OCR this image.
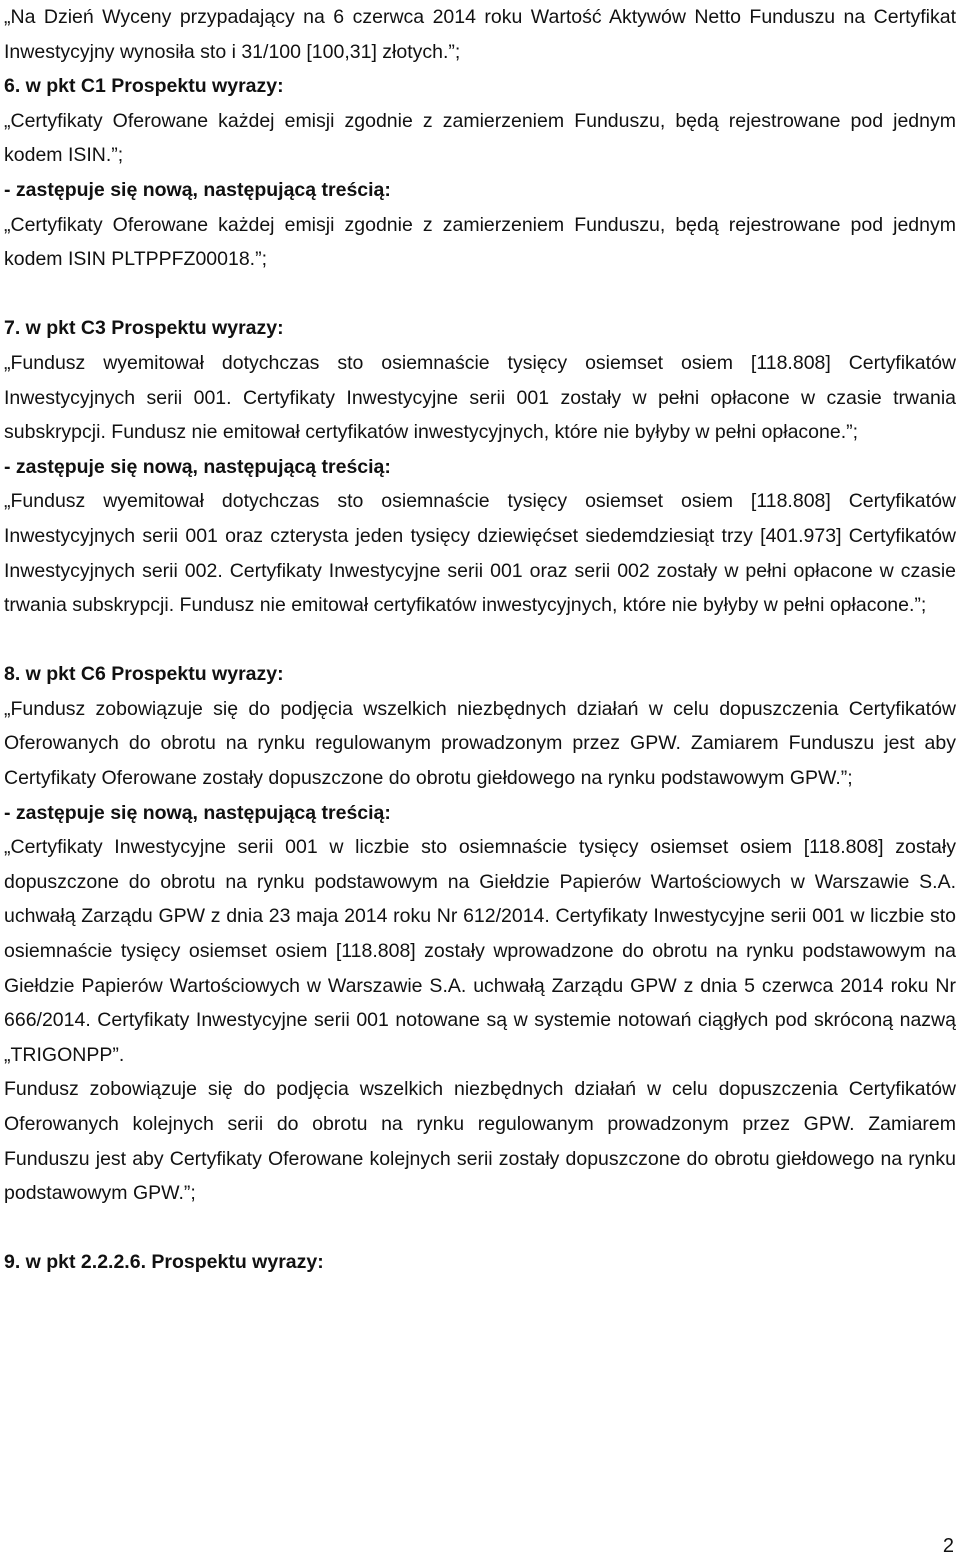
„Na Dzień Wyceny przypadający na 6 czerwca 2014 roku Wartość Aktywów Netto Funduszu na Certyfikat Inwestycyjny wynosiła sto i 31/100 [100,31] złotych.”;

6. w pkt C1 Prospektu wyrazy:

„Certyfikaty Oferowane każdej emisji zgodnie z zamierzeniem Funduszu, będą rejestrowane pod jednym kodem ISIN.”;

- zastępuje się nową, następującą treścią:

„Certyfikaty Oferowane każdej emisji zgodnie z zamierzeniem Funduszu, będą rejestrowane pod jednym kodem ISIN PLTPPFZ00018.”;

7. w pkt C3 Prospektu wyrazy:

„Fundusz wyemitował dotychczas sto osiemnaście tysięcy osiemset osiem [118.808] Certyfikatów Inwestycyjnych serii 001. Certyfikaty Inwestycyjne serii 001 zostały w pełni opłacone w czasie trwania subskrypcji. Fundusz nie emitował certyfikatów inwestycyjnych, które nie byłyby w pełni opłacone.”;

- zastępuje się nową, następującą treścią:

„Fundusz wyemitował dotychczas sto osiemnaście tysięcy osiemset osiem [118.808] Certyfikatów Inwestycyjnych serii 001 oraz czterysta jeden tysięcy dziewięćset siedemdziesiąt trzy [401.973] Certyfikatów Inwestycyjnych serii 002. Certyfikaty Inwestycyjne serii 001 oraz serii 002 zostały w pełni opłacone w czasie trwania subskrypcji. Fundusz nie emitował certyfikatów inwestycyjnych, które nie byłyby w pełni opłacone.”;

8. w pkt C6 Prospektu wyrazy:

„Fundusz zobowiązuje się do podjęcia wszelkich niezbędnych działań w celu dopuszczenia Certyfikatów Oferowanych do obrotu na rynku regulowanym prowadzonym przez GPW. Zamiarem Funduszu jest aby Certyfikaty Oferowane zostały dopuszczone do obrotu giełdowego na rynku podstawowym GPW.”;

- zastępuje się nową, następującą treścią:

„Certyfikaty Inwestycyjne serii 001 w liczbie sto osiemnaście tysięcy osiemset osiem [118.808] zostały dopuszczone do obrotu na rynku podstawowym na Giełdzie Papierów Wartościowych w Warszawie S.A. uchwałą Zarządu GPW z dnia 23 maja 2014 roku Nr 612/2014. Certyfikaty Inwestycyjne serii 001 w liczbie sto osiemnaście tysięcy osiemset osiem [118.808] zostały wprowadzone do obrotu na rynku podstawowym na Giełdzie Papierów Wartościowych w Warszawie S.A. uchwałą Zarządu GPW z dnia 5 czerwca 2014 roku Nr 666/2014. Certyfikaty Inwestycyjne serii 001 notowane są w systemie notowań ciągłych pod skróconą nazwą „TRIGONPP”.

Fundusz zobowiązuje się do podjęcia wszelkich niezbędnych działań w celu dopuszczenia Certyfikatów Oferowanych kolejnych serii do obrotu na rynku regulowanym prowadzonym przez GPW. Zamiarem Funduszu jest aby Certyfikaty Oferowane kolejnych serii zostały dopuszczone do obrotu giełdowego na rynku podstawowym GPW.”;

9. w pkt 2.2.2.6. Prospektu wyrazy:

2
